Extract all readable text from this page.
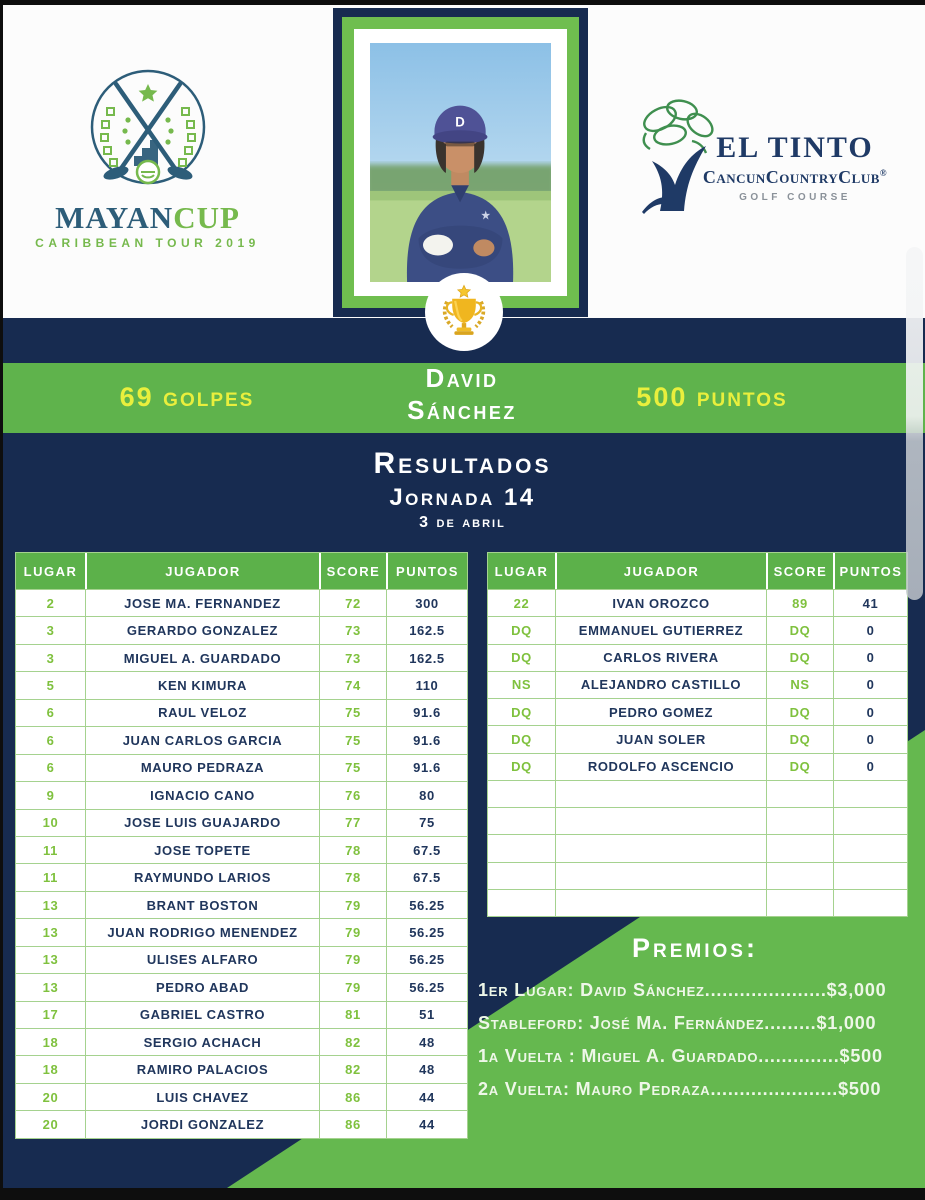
MAYANCUP
CARIBBEAN TOUR 2019
EL TINTO
CancunCountryClub®
GOLF COURSE
D
★
69 golpes
David
Sánchez	500 puntos
Resultados
Jornada 14
3 de abril
LUGAR	JUGADOR	SCORE	PUNTOS
2	JOSE MA. FERNANDEZ	72	300
3	GERARDO GONZALEZ	73	162.5
3	MIGUEL A. GUARDADO	73	162.5
5	KEN KIMURA	74	110
6	RAUL VELOZ	75	91.6
6	JUAN CARLOS GARCIA	75	91.6
6	MAURO PEDRAZA	75	91.6
9	IGNACIO CANO	76	80
10	JOSE LUIS GUAJARDO	77	75
11	JOSE TOPETE	78	67.5
11	RAYMUNDO LARIOS	78	67.5
13	BRANT BOSTON	79	56.25
13	JUAN RODRIGO MENENDEZ	79	56.25
13	ULISES ALFARO	79	56.25
13	PEDRO ABAD	79	56.25
17	GABRIEL CASTRO	81	51
18	SERGIO ACHACH	82	48
18	RAMIRO PALACIOS	82	48
20	LUIS CHAVEZ	86	44
20	JORDI GONZALEZ	86	44
LUGAR	JUGADOR	SCORE PUNTOS
22	IVAN OROZCO	89	41
DQ	EMMANUEL GUTIERREZ	DQ	0
DQ	CARLOS RIVERA	DQ	0
NS	ALEJANDRO CASTILLO	NS	0
DQ	PEDRO GOMEZ	DQ	0
DQ	JUAN SOLER	DQ	0
DQ	RODOLFO ASCENCIO	DQ	0
Premios:
1er Lugar: David Sánchez.....................$3,000
Stableford: José Ma. Fernández.........$1,000
1a Vuelta : Miguel A. Guardado..............$500
2a Vuelta: Mauro Pedraza......................$500
